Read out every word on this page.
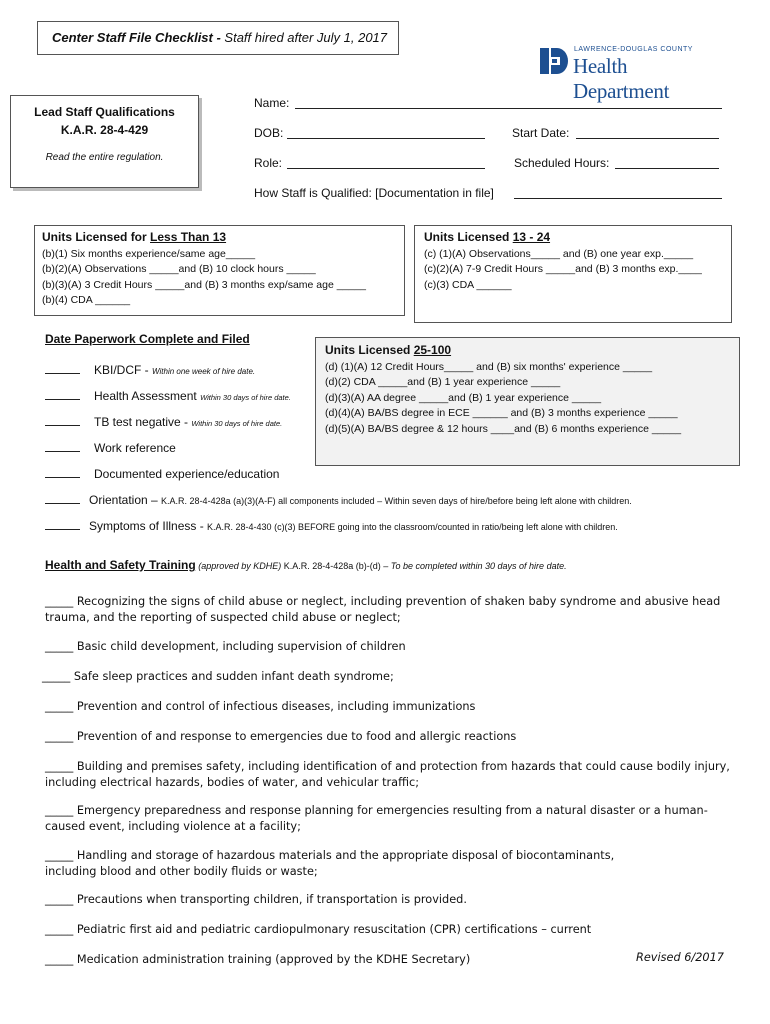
Center Staff File Checklist - Staff hired after July 1, 2017
LAWRENCE-DOUGLAS COUNTY
Health Department
Lead Staff Qualifications
K.A.R. 28-4-429
Read the entire regulation.
Name:
DOB:	Start Date:
Role:	Scheduled Hours:
How Staff is Qualified: [Documentation in file]
Units Licensed for Less Than 13
(b)(1) Six months experience/same age_____
(b)(2)(A) Observations _____and (B) 10 clock hours _____
(b)(3)(A) 3 Credit Hours _____and (B) 3 months exp/same age _____
(b)(4) CDA ______
Units Licensed 13 - 24
(c) (1)(A) Observations_____ and (B) one year exp._____
(c)(2)(A) 7-9 Credit Hours _____and (B) 3 months exp.____
(c)(3) CDA ______
Units Licensed 25-100
(d) (1)(A) 12 Credit Hours_____ and (B) six months' experience _____
(d)(2) CDA _____and (B) 1 year experience _____
(d)(3)(A) AA degree _____and (B) 1 year experience _____
(d)(4)(A) BA/BS degree in ECE ______ and (B) 3 months experience _____
(d)(5)(A) BA/BS degree & 12 hours ____and (B) 6 months experience _____
Date Paperwork Complete and Filed
KBI/DCF - Within one week of hire date.
Health Assessment Within 30 days of hire date.
TB test negative - Within 30 days of hire date.
Work reference
Documented experience/education
Orientation – K.A.R. 28-4-428a (a)(3)(A-F) all components included – Within seven days of hire/before being left alone with children.
Symptoms of Illness - K.A.R. 28-4-430 (c)(3) BEFORE going into the classroom/counted in ratio/being left alone with children.
Health and Safety Training (approved by KDHE) K.A.R. 28-4-428a (b)-(d) – To be completed within 30 days of hire date.
_____ Recognizing the signs of child abuse or neglect, including prevention of shaken baby syndrome and abusive head trauma, and the reporting of suspected child abuse or neglect;
_____ Basic child development, including supervision of children
_____ Safe sleep practices and sudden infant death syndrome;
_____ Prevention and control of infectious diseases, including immunizations
_____ Prevention of and response to emergencies due to food and allergic reactions
_____ Building and premises safety, including identification of and protection from hazards that could cause bodily injury, including electrical hazards, bodies of water, and vehicular traffic;
_____ Emergency preparedness and response planning for emergencies resulting from a natural disaster or a human-caused event, including violence at a facility;
_____ Handling and storage of hazardous materials and the appropriate disposal of biocontaminants, including blood and other bodily fluids or waste;
_____ Precautions when transporting children, if transportation is provided.
_____ Pediatric first aid and pediatric cardiopulmonary resuscitation (CPR) certifications – current
_____ Medication administration training (approved by the KDHE Secretary)	Revised 6/2017
